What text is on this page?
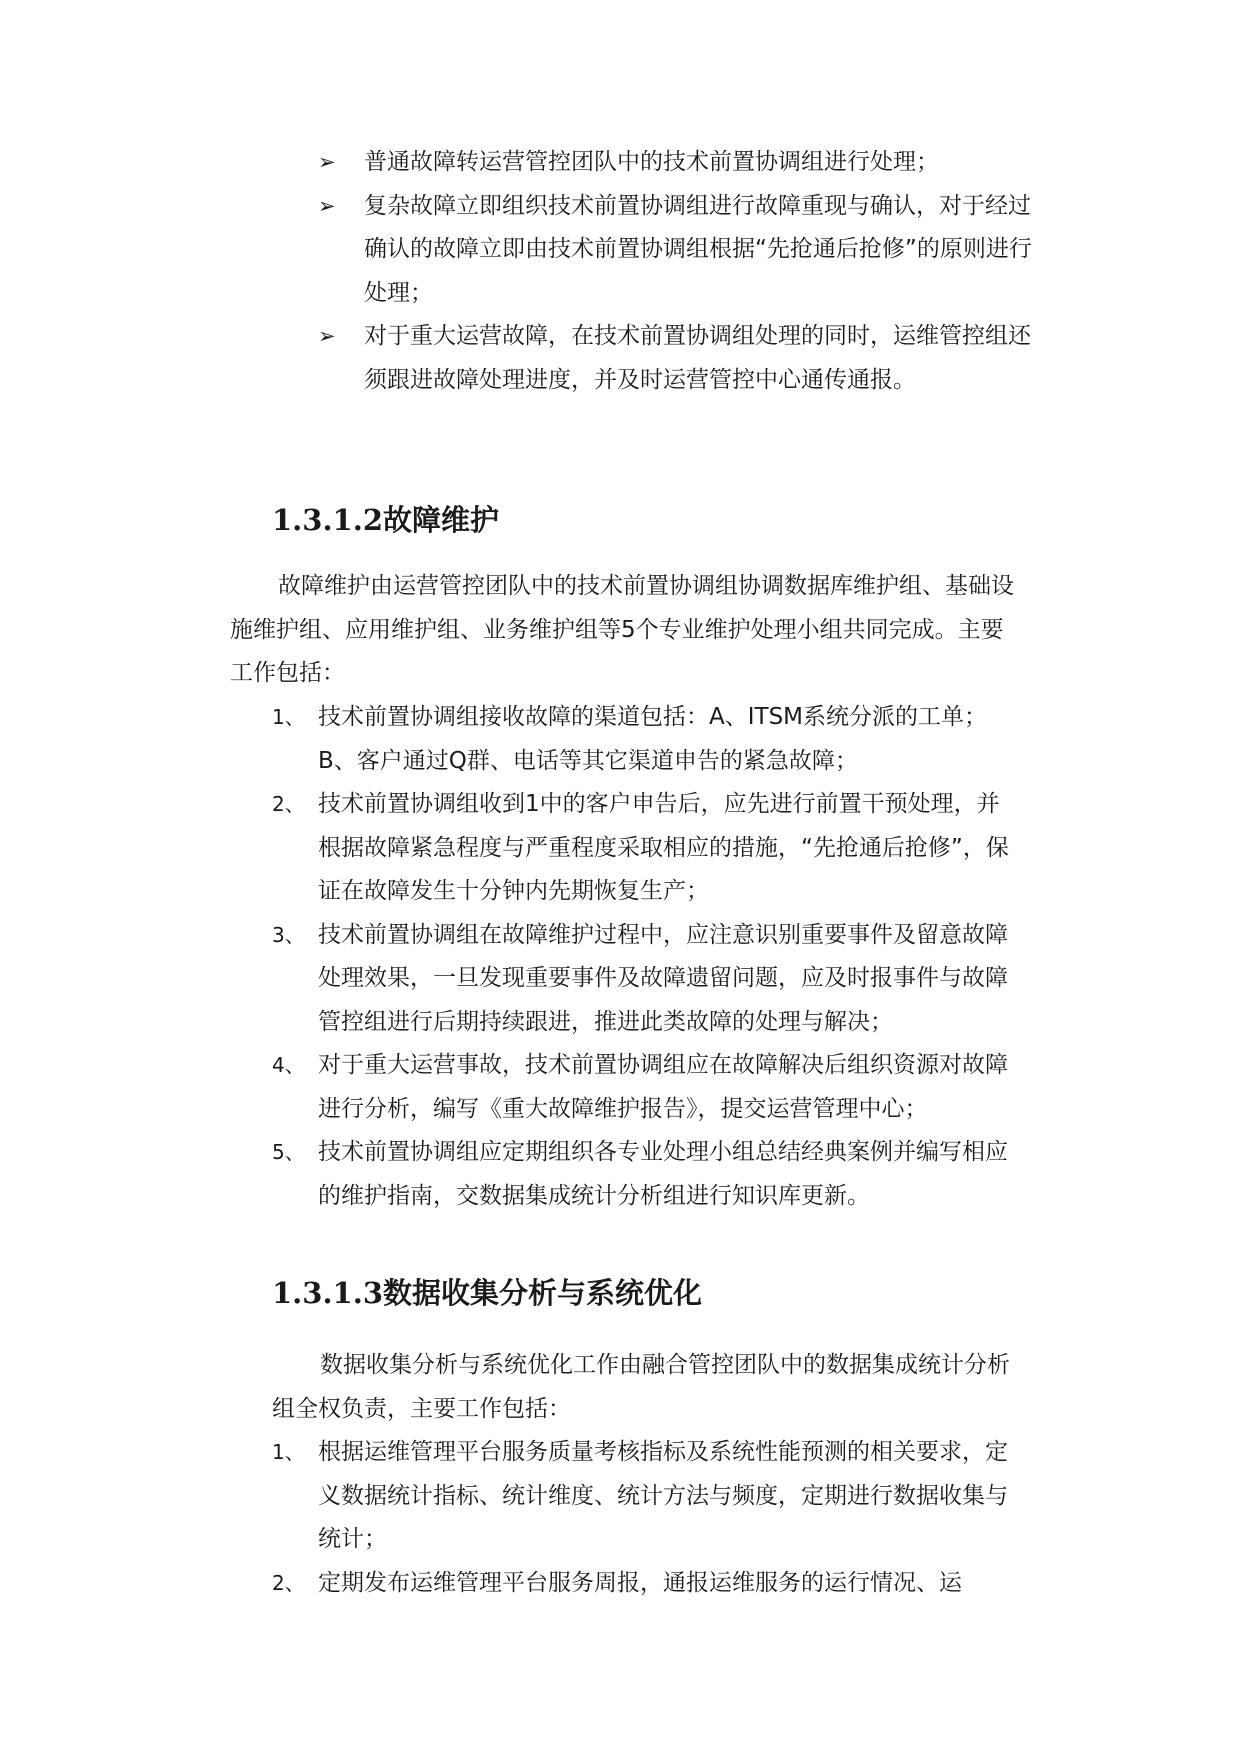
➢ 普通故障转运营管控团队中的技术前置协调组进行处理；
➢ 复杂故障立即组织技术前置协调组进行故障重现与确认，对于经过确认的故障立即由技术前置协调组根据“先抢通后抢修”的原则进行处理；
➢ 对于重大运营故障，在技术前置协调组处理的同时，运维管控组还须跟进故障处理进度，并及时运营管控中心通传通报。
1.3.1.2故障维护

故障维护由运营管控团队中的技术前置协调组协调数据库维护组、基础设施维护组、应用维护组、业务维护组等5个专业维护处理小组共同完成。主要工作包括：

1、 技术前置协调组接收故障的渠道包括：A、ITSM系统分派的工单；B、客户通过Q群、电话等其它渠道申告的紧急故障；
2、 技术前置协调组收到1中的客户申告后，应先进行前置干预处理，并根据故障紧急程度与严重程度采取相应的措施，“先抢通后抢修”，保证在故障发生十分钟内先期恢复生产；
3、 技术前置协调组在故障维护过程中，应注意识别重要事件及留意故障处理效果，一旦发现重要事件及故障遗留问题，应及时报事件与故障管控组进行后期持续跟进，推进此类故障的处理与解决；
4、 对于重大运营事故，技术前置协调组应在故障解决后组织资源对故障进行分析，编写《重大故障维护报告》，提交运营管理中心；
5、 技术前置协调组应定期组织各专业处理小组总结经典案例并编写相应的维护指南，交数据集成统计分析组进行知识库更新。
1.3.1.3数据收集分析与系统优化

数据收集分析与系统优化工作由融合管控团队中的数据集成统计分析组全权负责，主要工作包括：

1、 根据运维管理平台服务质量考核指标及系统性能预测的相关要求，定义数据统计指标、统计维度、统计方法与频度，定期进行数据收集与统计；
2、 定期发布运维管理平台服务周报，通报运维服务的运行情况、运
